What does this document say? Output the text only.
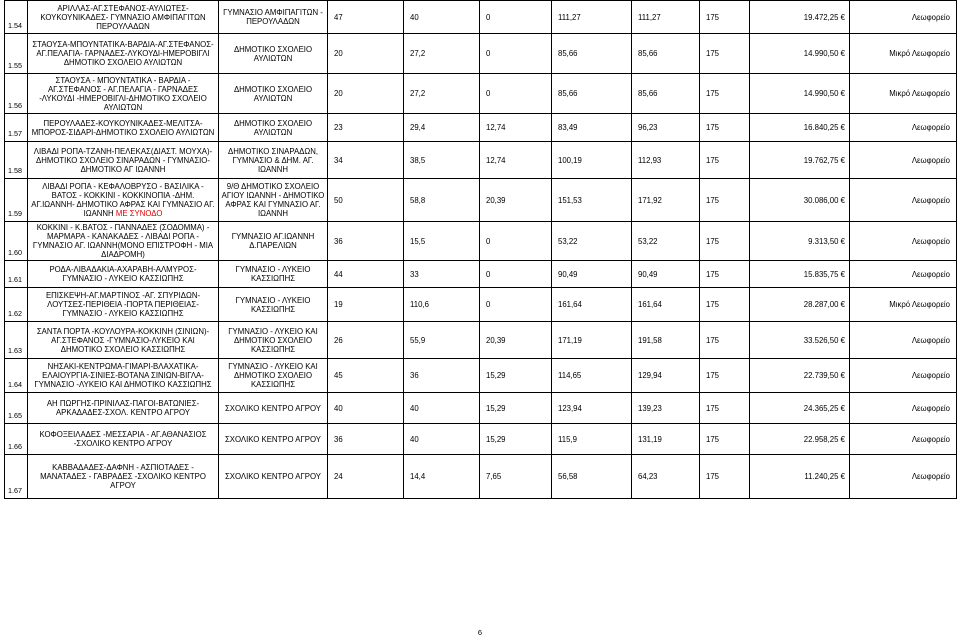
1.54	ΑΡΙΛΛΑΣ-ΑΓ.ΣΤΕΦΑΝΟΣ-ΑΥΛΙΩΤΕΣ-ΚΟΥΚΟΥΝΙΚΑΔΕΣ- ΓΥΜΝΑΣΙΟ ΑΜΦΙΠΑΓΙΤΩΝ ΠΕΡΟΥΛΑΔΩΝ	ΓΥΜΝΑΣΙΟ ΑΜΦΙΠΑΓΙΤΩΝ - ΠΕΡΟΥΛΑΔΩΝ	47	40	0	111,27	111,27	175	19.472,25 €	Λεωφορείο
1.55	ΣΤΑΟΥΣΑ-ΜΠΟΥΝΤΑΤΙΚΑ-ΒΑΡΔΙΑ-ΑΓ.ΣΤΕΦΑΝΟΣ-ΑΓ.ΠΕΛΑΓΙΑ- ΓΑΡΝΑΔΕΣ-ΛΥΚΟΥΔΙ-ΗΜΕΡΟΒΙΓΛΙ ΔΗΜΟΤΙΚΟ ΣΧΟΛΕΙΟ ΑΥΛΙΩΤΩΝ	ΔΗΜΟΤΙΚΟ ΣΧΟΛΕΙΟ ΑΥΛΙΩΤΩΝ	20	27,2	0	85,66	85,66	175	14.990,50 €	Μικρό Λεωφορείο
1.56	ΣΤΑΟΥΣΑ - ΜΠΟΥΝΤΑΤΙΚΑ - ΒΑΡΔΙΑ - ΑΓ.ΣΤΕΦΑΝΟΣ - ΑΓ.ΠΕΛΑΓΙΑ - ΓΑΡΝΑΔΕΣ -ΛΥΚΟΥΔΙ -ΗΜΕΡΟΒΙΓΛΙ-ΔΗΜΟΤΙΚΟ ΣΧΟΛΕΙΟ ΑΥΛΙΩΤΩΝ	ΔΗΜΟΤΙΚΟ ΣΧΟΛΕΙΟ ΑΥΛΙΩΤΩΝ	20	27,2	0	85,66	85,66	175	14.990,50 €	Μικρό Λεωφορείο
1.57	ΠΕΡΟΥΛΑΔΕΣ-ΚΟΥΚΟΥΝΙΚΑΔΕΣ-ΜΕΛΙΤΣΑ-ΜΠΟΡΟΣ-ΣΙΔΑΡΙ-ΔΗΜΟΤΙΚΟ ΣΧΟΛΕΙΟ ΑΥΛΙΩΤΩΝ	ΔΗΜΟΤΙΚΟ ΣΧΟΛΕΙΟ ΑΥΛΙΩΤΩΝ	23	29,4	12,74	83,49	96,23	175	16.840,25 €	Λεωφορείο
1.58	ΛΙΒΑΔΙ ΡΟΠΑ-ΤΖΑΝΗ-ΠΕΛΕΚΑΣ(ΔΙΑΣΤ. ΜΟΥΧΑ)-ΔΗΜΟΤΙΚΟ ΣΧΟΛΕΙΟ ΣΙΝΑΡΑΔΩΝ - ΓΥΜΝΑΣΙΟ-ΔΗΜΟΤΙΚΟ ΑΓ ΙΩΑΝΝΗ	ΔΗΜΟΤΙΚΟ ΣΙΝΑΡΑΔΩΝ, ΓΥΜΝΑΣΙΟ & ΔΗΜ. ΑΓ. ΙΩΑΝΝΗ	34	38,5	12,74	100,19	112,93	175	19.762,75 €	Λεωφορείο
1.59	ΛΙΒΑΔΙ ΡΟΠΑ - ΚΕΦΑΛΟΒΡΥΣΟ - ΒΑΣΙΛΙΚΑ - ΒΑΤΟΣ - ΚΟΚΚΙΝΙ - ΚΟΚΚΙΝΟΠΙΑ -ΔΗΜ. ΑΓ.ΙΩΑΝΝΗ- ΔΗΜΟΤΙΚΟ ΑΦΡΑΣ ΚΑΙ ΓΥΜΝΑΣΙΟ ΑΓ. ΙΩΑΝΝΗ ΜΕ ΣΥΝΟΔΟ	9/Θ ΔΗΜΟΤΙΚΟ ΣΧΟΛΕΙΟ ΑΓΙΟΥ ΙΩΑΝΝΗ - ΔΗΜΟΤΙΚΟ ΑΦΡΑΣ ΚΑΙ ΓΥΜΝΑΣΙΟ ΑΓ. ΙΩΑΝΝΗ	50	58,8	20,39	151,53	171,92	175	30.086,00 €	Λεωφορείο
1.60	ΚΟΚΚΙΝΙ - Κ.ΒΑΤΟΣ - ΠΑΝΝΑΔΕΣ (ΣΟΔΟΜΜΑ) - ΜΑΡΜΑΡΑ - ΚΑΝΑΚΑΔΕΣ - ΛΙΒΑΔΙ ΡΟΠΑ - ΓΥΜΝΑΣΙΟ ΑΓ. ΙΩΑΝΝΗ(ΜΟΝΟ ΕΠΙΣΤΡΟΦΗ - ΜΙΑ ΔΙΑΔΡΟΜΗ)	ΓΥΜΝΑΣΙΟ ΑΓ.ΙΩΑΝΝΗ Δ.ΠΑΡΕΛΙΩΝ	36	15,5	0	53,22	53,22	175	9.313,50 €	Λεωφορείο
1.61	ΡΟΔΑ-ΛΙΒΑΔΑΚΙΑ-ΑΧΑΡΑΒΗ-ΑΛΜΥΡΟΣ-ΓΥΜΝΑΣΙΟ - ΛΥΚΕΙΟ ΚΑΣΣΙΩΠΗΣ	ΓΥΜΝΑΣΙΟ - ΛΥΚΕΙΟ ΚΑΣΣΙΩΠΗΣ	44	33	0	90,49	90,49	175	15.835,75 €	Λεωφορείο
1.62	ΕΠΙΣΚΕΨΗ-ΑΓ.ΜΑΡΤΙΝΟΣ -ΑΓ. ΣΠΥΡΙΔΩΝ-ΛΟΥΤΣΕΣ-ΠΕΡΙΘΕΙΑ -ΠΟΡΤΑ ΠΕΡΙΘΕΙΑΣ-ΓΥΜΝΑΣΙΟ - ΛΥΚΕΙΟ ΚΑΣΣΙΩΠΗΣ	ΓΥΜΝΑΣΙΟ - ΛΥΚΕΙΟ ΚΑΣΣΙΩΠΗΣ	19	110,6	0	161,64	161,64	175	28.287,00 €	Μικρό Λεωφορείο
1.63	ΣΑΝΤΑ ΠΟΡΤΑ -ΚΟΥΛΟΥΡΑ-ΚΟΚΚΙΝΗ (ΣΙΝΙΩΝ)-ΑΓ.ΣΤΕΦΑΝΟΣ -ΓΥΜΝΑΣΙΟ-ΛΥΚΕΙΟ ΚΑΙ ΔΗΜΟΤΙΚΟ ΣΧΟΛΕΙΟ ΚΑΣΣΙΩΠΗΣ	ΓΥΜΝΑΣΙΟ - ΛΥΚΕΙΟ ΚΑΙ ΔΗΜΟΤΙΚΟ ΣΧΟΛΕΙΟ ΚΑΣΣΙΩΠΗΣ	26	55,9	20,39	171,19	191,58	175	33.526,50 €	Λεωφορείο
1.64	ΝΗΣΑΚΙ-ΚΕΝΤΡΩΜΑ-ΓΙΜΑΡΙ-ΒΛΑΧΑΤΙΚΑ-ΕΛΑΙΟΥΡΓΙΑ-ΣΙΝΙΕΣ-ΒΟΤΑΝΑ ΣΙΝΙΩΝ-ΒΙΓΛΑ-ΓΥΜΝΑΣΙΟ -ΛΥΚΕΙΟ ΚΑΙ ΔΗΜΟΤΙΚΟ ΚΑΣΣΙΩΠΗΣ	ΓΥΜΝΑΣΙΟ - ΛΥΚΕΙΟ ΚΑΙ ΔΗΜΟΤΙΚΟ ΣΧΟΛΕΙΟ ΚΑΣΣΙΩΠΗΣ	45	36	15,29	114,65	129,94	175	22.739,50 €	Λεωφορείο
1.65	ΑΗ ΠΩΡΓΗΣ-ΠΡΙΝΙΛΑΣ-ΠΑΓΟΙ-ΒΑΤΩΝΙΕΣ-ΑΡΚΑΔΑΔΕΣ-ΣΧΟΛ. ΚΕΝΤΡΟ ΑΓΡΟΥ	ΣΧΟΛΙΚΟ ΚΕΝΤΡΟ ΑΓΡΟΥ	40	40	15,29	123,94	139,23	175	24.365,25 €	Λεωφορείο
1.66	ΚΟΦΟΞΕΙΛΑΔΕΣ -ΜΕΣΣΑΡΙΑ - ΑΓ.ΑΘΑΝΑΣΙΟΣ -ΣΧΟΛΙΚΟ ΚΕΝΤΡΟ ΑΓΡΟΥ	ΣΧΟΛΙΚΟ ΚΕΝΤΡΟ ΑΓΡΟΥ	36	40	15,29	115,9	131,19	175	22.958,25 €	Λεωφορείο
1.67	ΚΑΒΒΑΔΑΔΕΣ-ΔΑΦΝΗ - ΑΣΠΙΟΤΑΔΕΣ - ΜΑΝΑΤΑΔΕΣ - ΓΑΒΡΑΔΕΣ -ΣΧΟΛΙΚΟ ΚΕΝΤΡΟ ΑΓΡΟΥ	ΣΧΟΛΙΚΟ ΚΕΝΤΡΟ ΑΓΡΟΥ	24	14,4	7,65	56,58	64,23	175	11.240,25 €	Λεωφορείο
6
